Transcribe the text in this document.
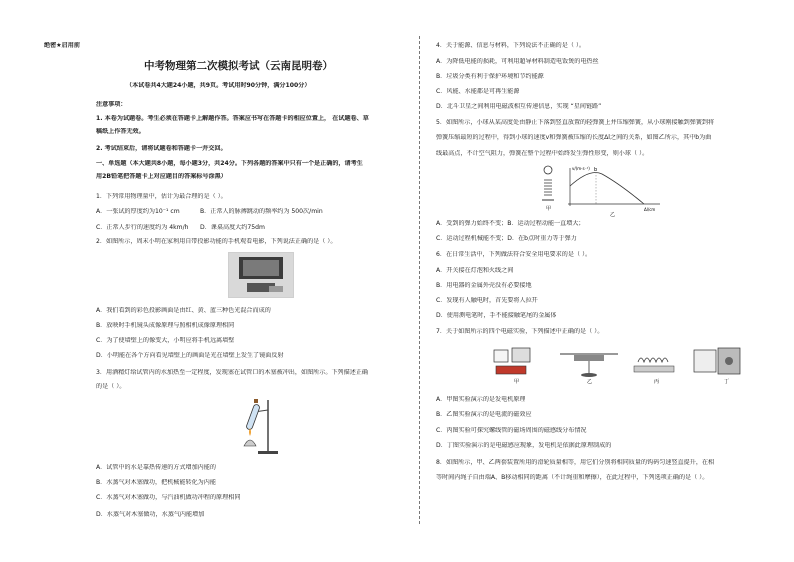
绝密★启用前
中考物理第二次模拟考试（云南昆明卷）
（本试卷共4大题24小题，共9页。考试用时90分钟，满分100分）
注意事项：
1. 本卷为试题卷。考生必须在答题卡上解题作答。答案应书写在答题卡的相应位置上， 在试题卷、草
稿纸上作答无效。
2. 考试结束后，请将试题卷和答题卡一并交回。
一、单选题（本大题共8小题，每小题3分，共24分。下列各题的答案中只有一个是正确的，请考生
用2B铅笔把答题卡上对应题目的答案标号涂黑）
1．下列常用物理量中，估计为最合理的是（ ）。
A．一张试的厚度约为10⁻¹ cm	B．正常人的脉搏跳动的频率约为 500次/min
C．正常人步行的速度约为 4km/h D．课桌高度大约75dm
2．如图所示，周末小明在家利用自带投影功能的手机观看电影，下列说法正确的是（ ）。
A．我们看到的彩色投影画面是由红、黄、蓝三种色光混合而成的
B．放映时手机镜头成像原理与照相机成像原理相同
C．为了使墙壁上的像变大，小明应将手机远离墙壁
D．小明能在各个方向看见墙壁上的画面是光在墙壁上发生了镜面反射
3．用酒精灯给试管内的水加热至一定程度，发现塞在试管口的木塞被冲出，如图所示。下列描述正确
的是（ ）。
A．试管中的水是靠热传递的方式增加内能的
B．水蒸气对木塞做功，把机械能转化为内能
C．水蒸气对木塞做功，与汽油机做功冲程的原理相同
D．水蒸气对木塞做功，水蒸气内能增加
4．关于能源、信息与材料，下列说法不正确的是（ ）。
A．为降低电能的损耗，可利用超导材料制造电饭煲的电热丝
B．垃圾分类有利于保护环境和节约能源
C．风能、水能都是可再生能源
D．北斗卫星之间利用电磁波相互传递信息，实现 “星间链路”
5．如图所示，小球从某高度处由静止下落到竖直放置的轻弹簧上并压缩弹簧，从小球刚接触到弹簧到将
弹簧压缩最短的过程中，得到小球的速度v和弹簧被压缩的长度Δl之间的关系，如图乙所示，其中b为曲
线最高点，不计空气阻力，弹簧在整个过程中始终发生弹性形变，则小球（ ）。
甲
b
v/(m·s⁻¹)
Δl/cm
乙
A．受到的弹力始终不变；B．运动过程动能一直增大；
C．运动过程机械能不变；D．在b点时重力等于弹力
6．在日常生活中，下列做法符合安全用电要求的是（ ）。
A．开关接在灯泡和火线之间
B．用电器的金属外壳没有必要接地
C．发现有人触电时，首先要将人拉开
D．使用测电笔时，手不能接触笔尾的金属体
7．关于如图所示的四个电磁实验，下列描述中正确的是（ ）。
甲	乙	丙	丁
A．甲图实验演示的是发电机原理
B．乙图实验演示的是电流的磁效应
C．丙图实验可探究螺线管的磁场周围的磁感线分布情况
D．丁图实验演示的是电磁感应现象，发电机是依据此原理制成的
8．如图所示，甲、乙两套装置所用的滑轮质量相等，用它们分别将相同质量的钩码匀速竖直提升，在相
等时间内绳子自由端A、B移动相同的距离（不计绳重和摩擦），在此过程中，下列选项正确的是（ ）。
